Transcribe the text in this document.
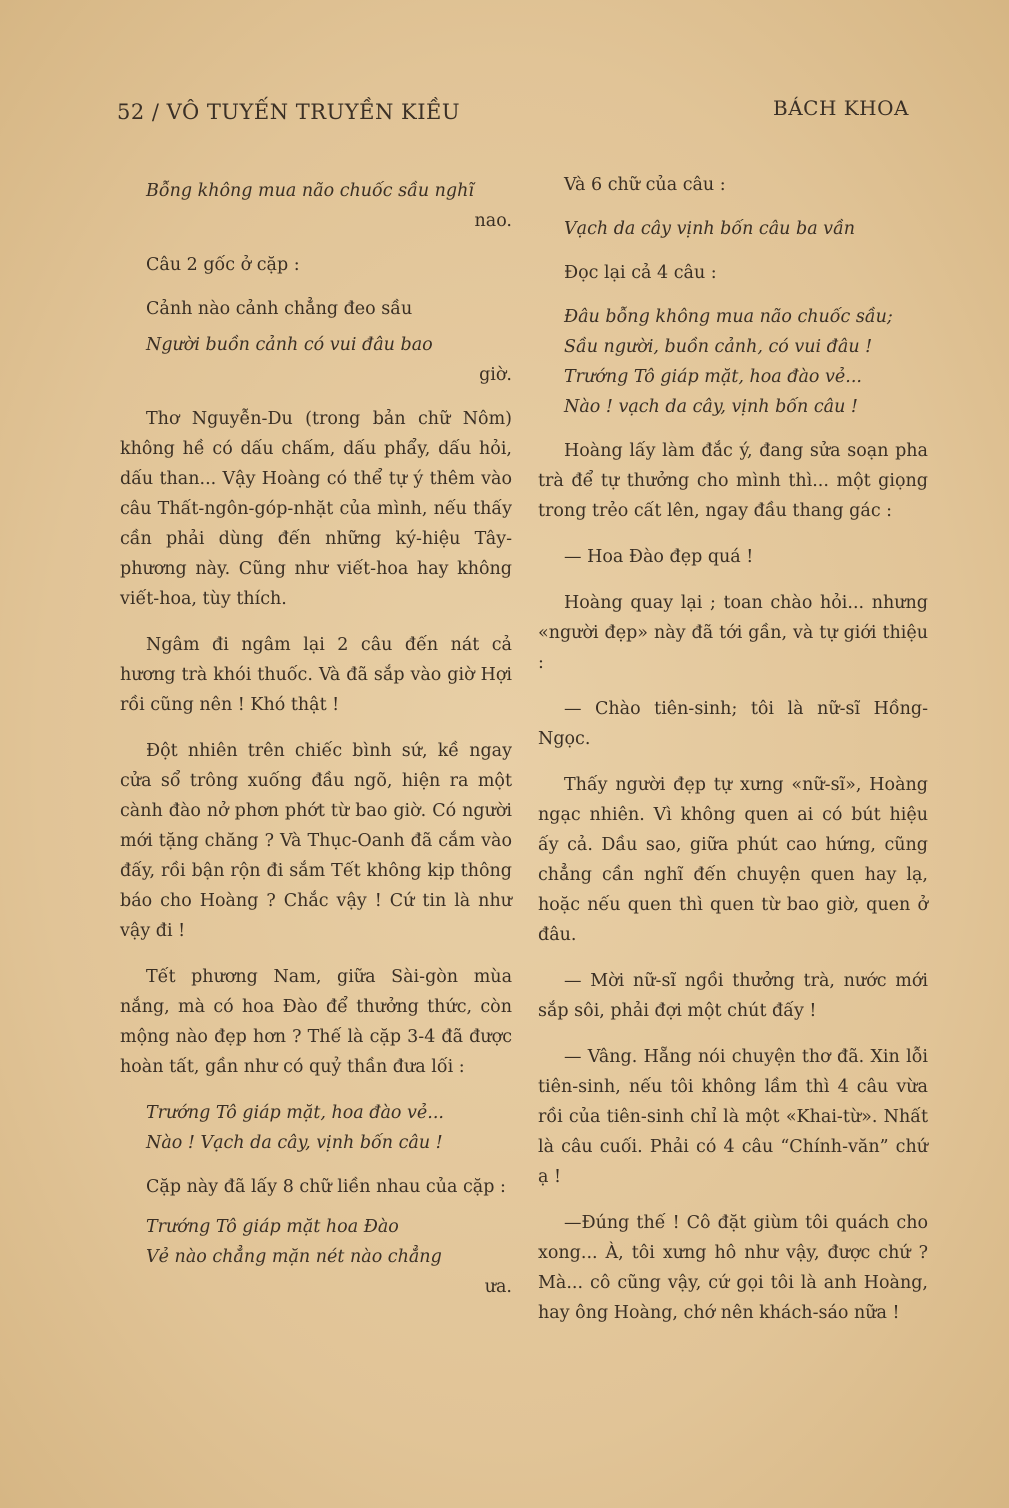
52 / VÔ TUYẾN TRUYỀN KIỀU	BÁCH KHOA
Bỗng không mua não chuốc sầu nghĩ
nao.
Câu 2 gốc ở cặp :
Cảnh nào cảnh chẳng đeo sầu
Người buồn cảnh có vui đâu bao
giờ.

Thơ Nguyễn-Du (trong bản chữ Nôm) không hề có dấu chấm, dấu phẩy, dấu hỏi, dấu than... Vậy Hoàng có thể tự ý thêm vào câu Thất-ngôn-góp-nhặt của mình, nếu thấy cần phải dùng đến những ký-hiệu Tây-phương này. Cũng như viết-hoa hay không viết-hoa, tùy thích.

Ngâm đi ngâm lại 2 câu đến nát cả hương trà khói thuốc. Và đã sắp vào giờ Hợi rồi cũng nên ! Khó thật !

Đột nhiên trên chiếc bình sứ, kề ngay cửa sổ trông xuống đầu ngõ, hiện ra một cành đào nở phơn phớt từ bao giờ. Có người mới tặng chăng ? Và Thục-Oanh đã cắm vào đấy, rồi bận rộn đi sắm Tết không kịp thông báo cho Hoàng ? Chắc vậy ! Cứ tin là như vậy đi !

Tết phương Nam, giữa Sài-gòn mùa nắng, mà có hoa Đào để thưởng thức, còn mộng nào đẹp hơn ? Thế là cặp 3-4 đã được hoàn tất, gần như có quỷ thần đưa lối :

Trướng Tô giáp mặt, hoa đào vẻ...
Nào ! Vạch da cây, vịnh bốn câu !

Cặp này đã lấy 8 chữ liền nhau của cặp :

Trướng Tô giáp mặt hoa Đào
Vẻ nào chẳng mặn nét nào chẳng
ưa.
Và 6 chữ của câu :
Vạch da cây vịnh bốn câu ba vần
Đọc lại cả 4 câu :
Đâu bỗng không mua não chuốc sầu;
Sầu người, buồn cảnh, có vui đâu !
Trướng Tô giáp mặt, hoa đào vẻ...
Nào ! vạch da cây, vịnh bốn câu !

Hoàng lấy làm đắc ý, đang sửa soạn pha trà để tự thưởng cho mình thì... một giọng trong trẻo cất lên, ngay đầu thang gác :

— Hoa Đào đẹp quá !

Hoàng quay lại ; toan chào hỏi... nhưng «người đẹp» này đã tới gần, và tự giới thiệu :

— Chào tiên-sinh; tôi là nữ-sĩ Hồng-Ngọc.

Thấy người đẹp tự xưng «nữ-sĩ», Hoàng ngạc nhiên. Vì không quen ai có bút hiệu ấy cả. Dầu sao, giữa phút cao hứng, cũng chẳng cần nghĩ đến chuyện quen hay lạ, hoặc nếu quen thì quen từ bao giờ, quen ở đâu.

— Mời nữ-sĩ ngồi thưởng trà, nước mới sắp sôi, phải đợi một chút đấy !

— Vâng. Hẵng nói chuyện thơ đã. Xin lỗi tiên-sinh, nếu tôi không lầm thì 4 câu vừa rồi của tiên-sinh chỉ là một «Khai-từ». Nhất là câu cuối. Phải có 4 câu “Chính-văn” chứ ạ !

—Đúng thế ! Cô đặt giùm tôi quách cho xong... À, tôi xưng hô như vậy, được chứ ? Mà... cô cũng vậy, cứ gọi tôi là anh Hoàng, hay ông Hoàng, chớ nên khách-sáo nữa !
